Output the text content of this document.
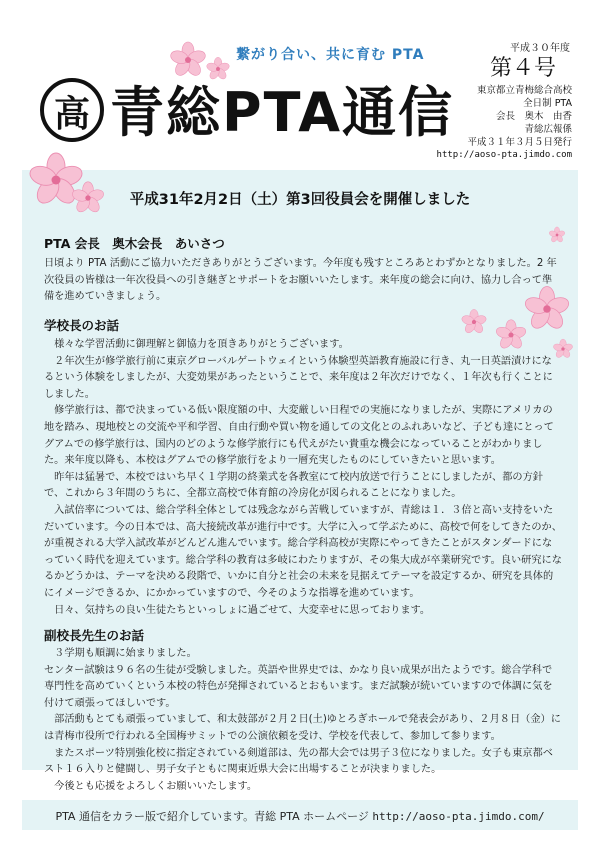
高
繋がり合い、共に育む PTA
青総PTA通信
平成３０年度
第４号
東京都立青梅総合高校
全日制 PTA
会長　奥木　由香
青総広報係
平成３１年３月５日発行
http://aoso-pta.jimdo.com
平成31年2月2日（土）第3回役員会を開催しました
PTA 会長　奥木会長　あいさつ

日頃より PTA 活動にご協力いただきありがとうございます。今年度も残すところあとわずかとなりました。2 年次役員の皆様は一年次役員への引き継ぎとサポートをお願いいたします。来年度の総会に向け、協力し合って準備を進めていきましょう。

学校長のお話

　様々な学習活動に御理解と御協力を頂きありがとうございます。

　２年次生が修学旅行前に東京グローバルゲートウェイという体験型英語教育施設に行き、丸一日英語漬けになるという体験をしましたが、大変効果があったということで、来年度は２年次だけでなく、１年次も行くことにしました。

　修学旅行は、都で決まっている低い限度額の中、大変厳しい日程での実施になりましたが、実際にアメリカの地を踏み、現地校との交流や平和学習、自由行動や買い物を通しての文化とのふれあいなど、子ども達にとってグアムでの修学旅行は、国内のどのような修学旅行にも代えがたい貴重な機会になっていることがわかりました。来年度以降も、本校はグアムでの修学旅行をより一層充実したものにしていきたいと思います。

　昨年は猛暑で、本校ではいち早く１学期の終業式を各教室にて校内放送で行うことにしましたが、都の方針で、これから３年間のうちに、全都立高校で体育館の冷房化が図られることになりました。

　入試倍率については、総合学科全体としては残念ながら苦戦していますが、青総は１．３倍と高い支持をいただいています。今の日本では、高大接続改革が進行中です。大学に入って学ぶために、高校で何をしてきたのか、が重視される大学入試改革がどんどん進んでいます。総合学科高校が実際にやってきたことがスタンダードになっていく時代を迎えています。総合学科の教育は多岐にわたりますが、その集大成が卒業研究です。良い研究になるかどうかは、テーマを決める段階で、いかに自分と社会の未来を見据えてテーマを設定するか、研究を具体的にイメージできるか、にかかっていますので、今そのような指導を進めています。

　日々、気持ちの良い生徒たちといっしょに過ごせて、大変幸せに思っております。

副校長先生のお話

　３学期も順調に始まりました。

センター試験は９６名の生徒が受験しました。英語や世界史では、かなり良い成果が出たようです。総合学科で専門性を高めていくという本校の特色が発揮されているとおもいます。まだ試験が続いていますので体調に気を付けて頑張ってほしいです。

　部活動もとても頑張っていまして、和太鼓部が２月２日(土)ゆとろぎホールで発表会があり、２月８日（金）には青梅市役所で行われる全国梅サミットでの公演依頼を受け、学校を代表して、参加して参ります。

　またスポーツ特別強化校に指定されている剣道部は、先の都大会では男子３位になりました。女子も東京都ベスト１６入りと健闘し、男子女子ともに関東近県大会に出場することが決まりました。

　今後とも応援をよろしくお願いいたします。

PTA 通信をカラー版で紹介しています。青総 PTA ホームページ http://aoso-pta.jimdo.com/
